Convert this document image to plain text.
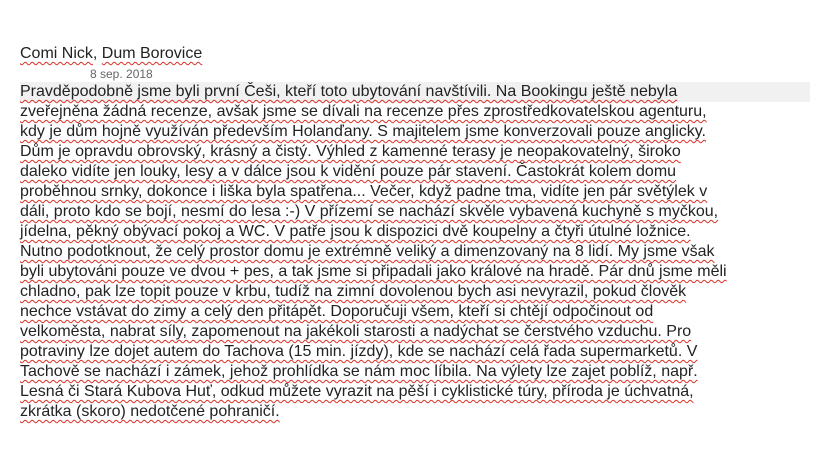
Comi Nick, Dum Borovice
8 sep. 2018
Pravděpodobně jsme byli první Češi, kteří toto ubytování navštívili. Na Bookingu ještě nebyla
zveřejněna žádná recenze, avšak jsme se dívali na recenze přes zprostředkovatelskou agenturu,
kdy je dům hojně využíván především Holanďany. S majitelem jsme konverzovali pouze anglicky.
Dům je opravdu obrovský, krásný a čistý. Výhled z kamenné terasy je neopakovatelný, široko
daleko vidíte jen louky, lesy a v dálce jsou k vidění pouze pár stavení. Častokrát kolem domu
proběhnou srnky, dokonce i liška byla spatřena... Večer, když padne tma, vidíte jen pár světýlek v
dáli, proto kdo se bojí, nesmí do lesa :-) V přízemí se nachází skvěle vybavená kuchyně s myčkou,
jídelna, pěkný obývací pokoj a WC. V patře jsou k dispozici dvě koupelny a čtyři útulné ložnice.
Nutno podotknout, že celý prostor domu je extrémně veliký a dimenzovaný na 8 lidí. My jsme však
byli ubytováni pouze ve dvou + pes, a tak jsme si připadali jako králové na hradě. Pár dnů jsme měli
chladno, pak lze topit pouze v krbu, tudíž na zimní dovolenou bych asi nevyrazil, pokud člověk
nechce vstávat do zimy a celý den přitápět. Doporučuji všem, kteří si chtějí odpočinout od
velkoměsta, nabrat síly, zapomenout na jakékoli starosti a nadýchat se čerstvého vzduchu. Pro
potraviny lze dojet autem do Tachova (15 min. jízdy), kde se nachází celá řada supermarketů. V
Tachově se nachází i zámek, jehož prohlídka se nám moc líbila. Na výlety lze zajet poblíž, např.
Lesná či Stará Kubova Huť, odkud můžete vyrazit na pěší i cyklistické túry, příroda je úchvatná,
zkrátka (skoro) nedotčené pohraničí.
